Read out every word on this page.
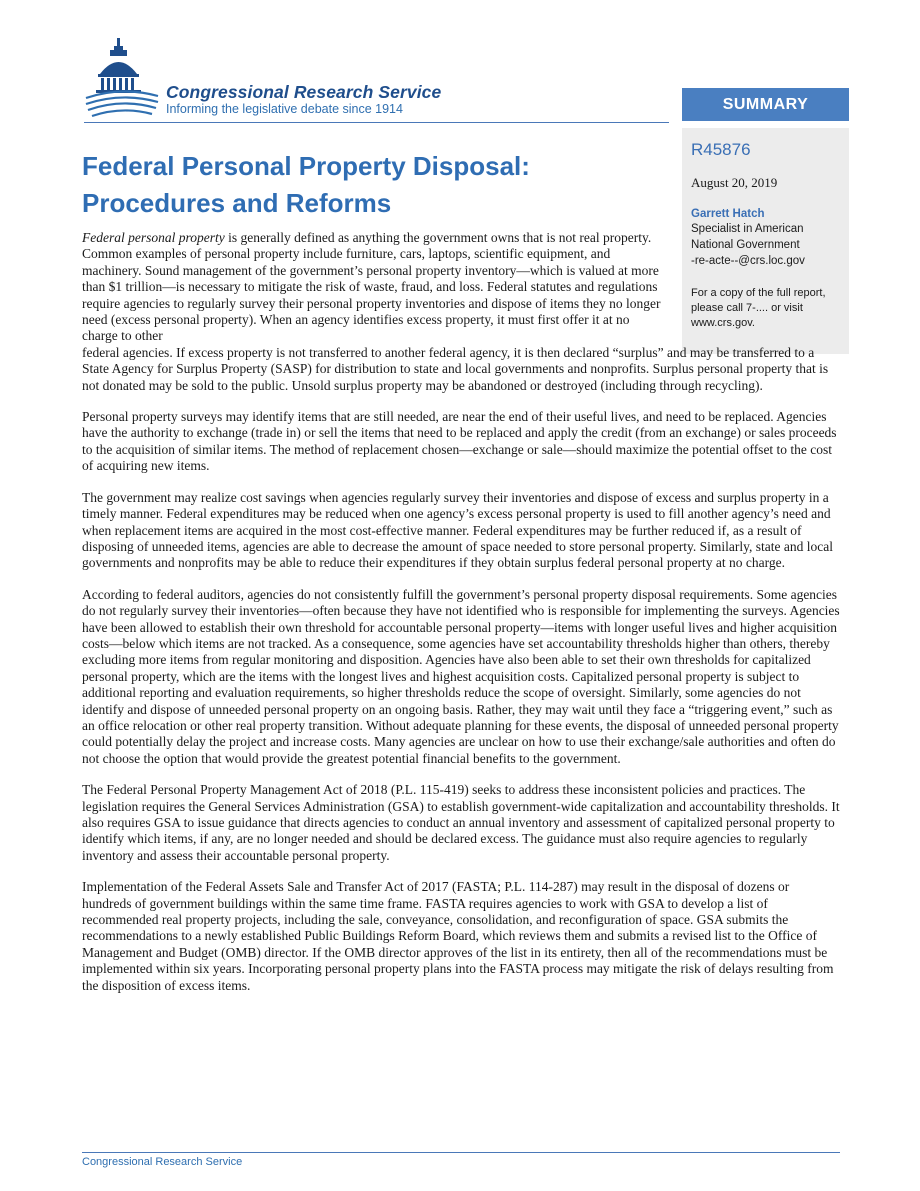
Congressional Research Service
Informing the legislative debate since 1914	SUMMARY

R45876

August 20, 2019

Garrett Hatch

Specialist in American

National Government

-re-acte--@crs.loc.gov

For a copy of the full report,
please call 7-.... or visit
www.crs.gov.

Federal Personal Property Disposal:
Procedures and Reforms

Federal personal property is generally defined as anything the government owns that is not real property. Common examples of personal property include furniture, cars, laptops, scientific equipment, and machinery. Sound management of the government’s personal property inventory—which is valued at more than $1 trillion—is necessary to mitigate the risk of waste, fraud, and loss. Federal statutes and regulations require agencies to regularly survey their personal property inventories and dispose of items they no longer need (excess personal property). When an agency identifies excess property, it must first offer it at no charge to other

federal agencies. If excess property is not transferred to another federal agency, it is then declared “surplus” and may be transferred to a State Agency for Surplus Property (SASP) for distribution to state and local governments and nonprofits. Surplus personal property that is not donated may be sold to the public. Unsold surplus property may be abandoned or destroyed (including through recycling).

Personal property surveys may identify items that are still needed, are near the end of their useful lives, and need to be replaced. Agencies have the authority to exchange (trade in) or sell the items that need to be replaced and apply the credit (from an exchange) or sales proceeds to the acquisition of similar items. The method of replacement chosen—exchange or sale—should maximize the potential offset to the cost of acquiring new items.

The government may realize cost savings when agencies regularly survey their inventories and dispose of excess and surplus property in a timely manner. Federal expenditures may be reduced when one agency’s excess personal property is used to fill another agency’s need and when replacement items are acquired in the most cost-effective manner. Federal expenditures may be further reduced if, as a result of disposing of unneeded items, agencies are able to decrease the amount of space needed to store personal property. Similarly, state and local governments and nonprofits may be able to reduce their expenditures if they obtain surplus federal personal property at no charge.

According to federal auditors, agencies do not consistently fulfill the government’s personal property disposal requirements. Some agencies do not regularly survey their inventories—often because they have not identified who is responsible for implementing the surveys. Agencies have been allowed to establish their own threshold for accountable personal property—items with longer useful lives and higher acquisition costs—below which items are not tracked. As a consequence, some agencies have set accountability thresholds higher than others, thereby excluding more items from regular monitoring and disposition. Agencies have also been able to set their own thresholds for capitalized personal property, which are the items with the longest lives and highest acquisition costs. Capitalized personal property is subject to additional reporting and evaluation requirements, so higher thresholds reduce the scope of oversight. Similarly, some agencies do not identify and dispose of unneeded personal property on an ongoing basis. Rather, they may wait until they face a “triggering event,” such as an office relocation or other real property transition. Without adequate planning for these events, the disposal of unneeded personal property could potentially delay the project and increase costs. Many agencies are unclear on how to use their exchange/sale authorities and often do not choose the option that would provide the greatest potential financial benefits to the government.

The Federal Personal Property Management Act of 2018 (P.L. 115-419) seeks to address these inconsistent policies and practices. The legislation requires the General Services Administration (GSA) to establish government-wide capitalization and accountability thresholds. It also requires GSA to issue guidance that directs agencies to conduct an annual inventory and assessment of capitalized personal property to identify which items, if any, are no longer needed and should be declared excess. The guidance must also require agencies to regularly inventory and assess their accountable personal property.

Implementation of the Federal Assets Sale and Transfer Act of 2017 (FASTA; P.L. 114-287) may result in the disposal of dozens or hundreds of government buildings within the same time frame. FASTA requires agencies to work with GSA to develop a list of recommended real property projects, including the sale, conveyance, consolidation, and reconfiguration of space. GSA submits the recommendations to a newly established Public Buildings Reform Board, which reviews them and submits a revised list to the Office of Management and Budget (OMB) director. If the OMB director approves of the list in its entirety, then all of the recommendations must be implemented within six years. Incorporating personal property plans into the FASTA process may mitigate the risk of delays resulting from the disposition of excess items.

Congressional Research Service
